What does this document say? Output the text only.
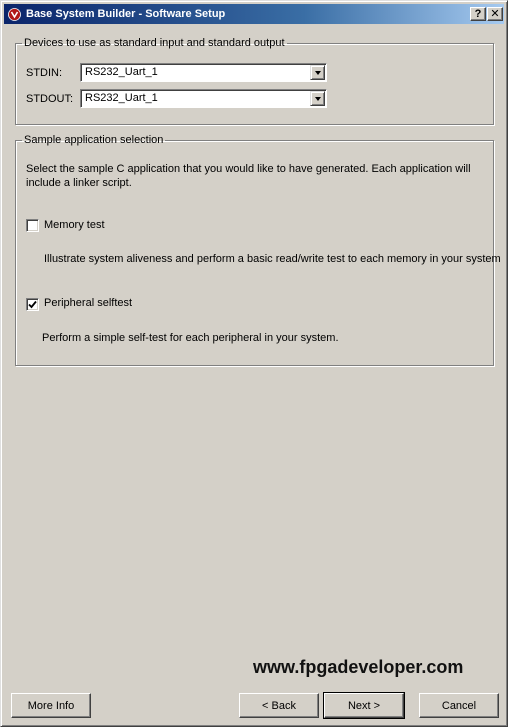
Base System Builder - Software Setup	? ✕
Devices to use as standard input and standard output
STDIN: RS232_Uart_1
STDOUT: RS232_Uart_1
Sample application selection
Select the sample C application that you would like to have generated. Each application will
include a linker script.
Memory test
Illustrate system aliveness and perform a basic read/write test to each memory in your system
Peripheral selftest
Perform a simple self-test for each peripheral in your system.
www.fpgadeveloper.com
More Info	< Back	Next >	Cancel
